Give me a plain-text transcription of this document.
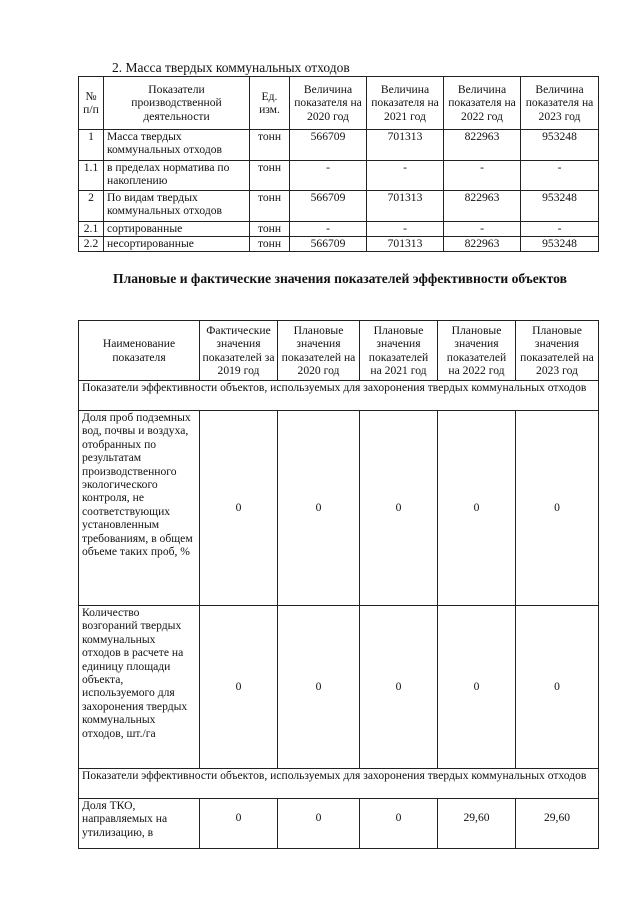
2. Масса твердых коммунальных отходов
№ п/п	Показатели производственной деятельности	Ед. изм.	Величина показателя на 2020 год	Величина показателя на 2021 год	Величина показателя на 2022 год	Величина показателя на 2023 год
1	Масса твердых коммунальных отходов	тонн	566709	701313	822963	953248
1.1	в пределах норматива по накоплению	тонн	-	-	-	-
2	По видам твердых коммунальных отходов	тонн	566709	701313	822963	953248
2.1	сортированные	тонн	-	-	-	-
2.2	несортированные	тонн	566709	701313	822963	953248
Плановые и фактические значения показателей эффективности объектов
Наименование показателя	Фактические значения показателей за 2019 год	Плановые значения показателей на 2020 год	Плановые значения показателей на 2021 год	Плановые значения показателей на 2022 год	Плановые значения показателей на 2023 год
Показатели эффективности объектов, используемых для захоронения твердых коммунальных отходов					
Доля проб подземных вод, почвы и воздуха, отобранных по результатам производственного экологического контроля, не соответствующих установленным требованиям, в общем объеме таких проб, %	0	0	0	0	0
Количество возгораний твердых коммунальных отходов в расчете на единицу площади объекта, используемого для захоронения твердых коммунальных отходов, шт./га	0	0	0	0	0
Показатели эффективности объектов, используемых для захоронения твердых коммунальных отходов					
Доля ТКО, направляемых на утилизацию, в	0	0	0	29,60	29,60
